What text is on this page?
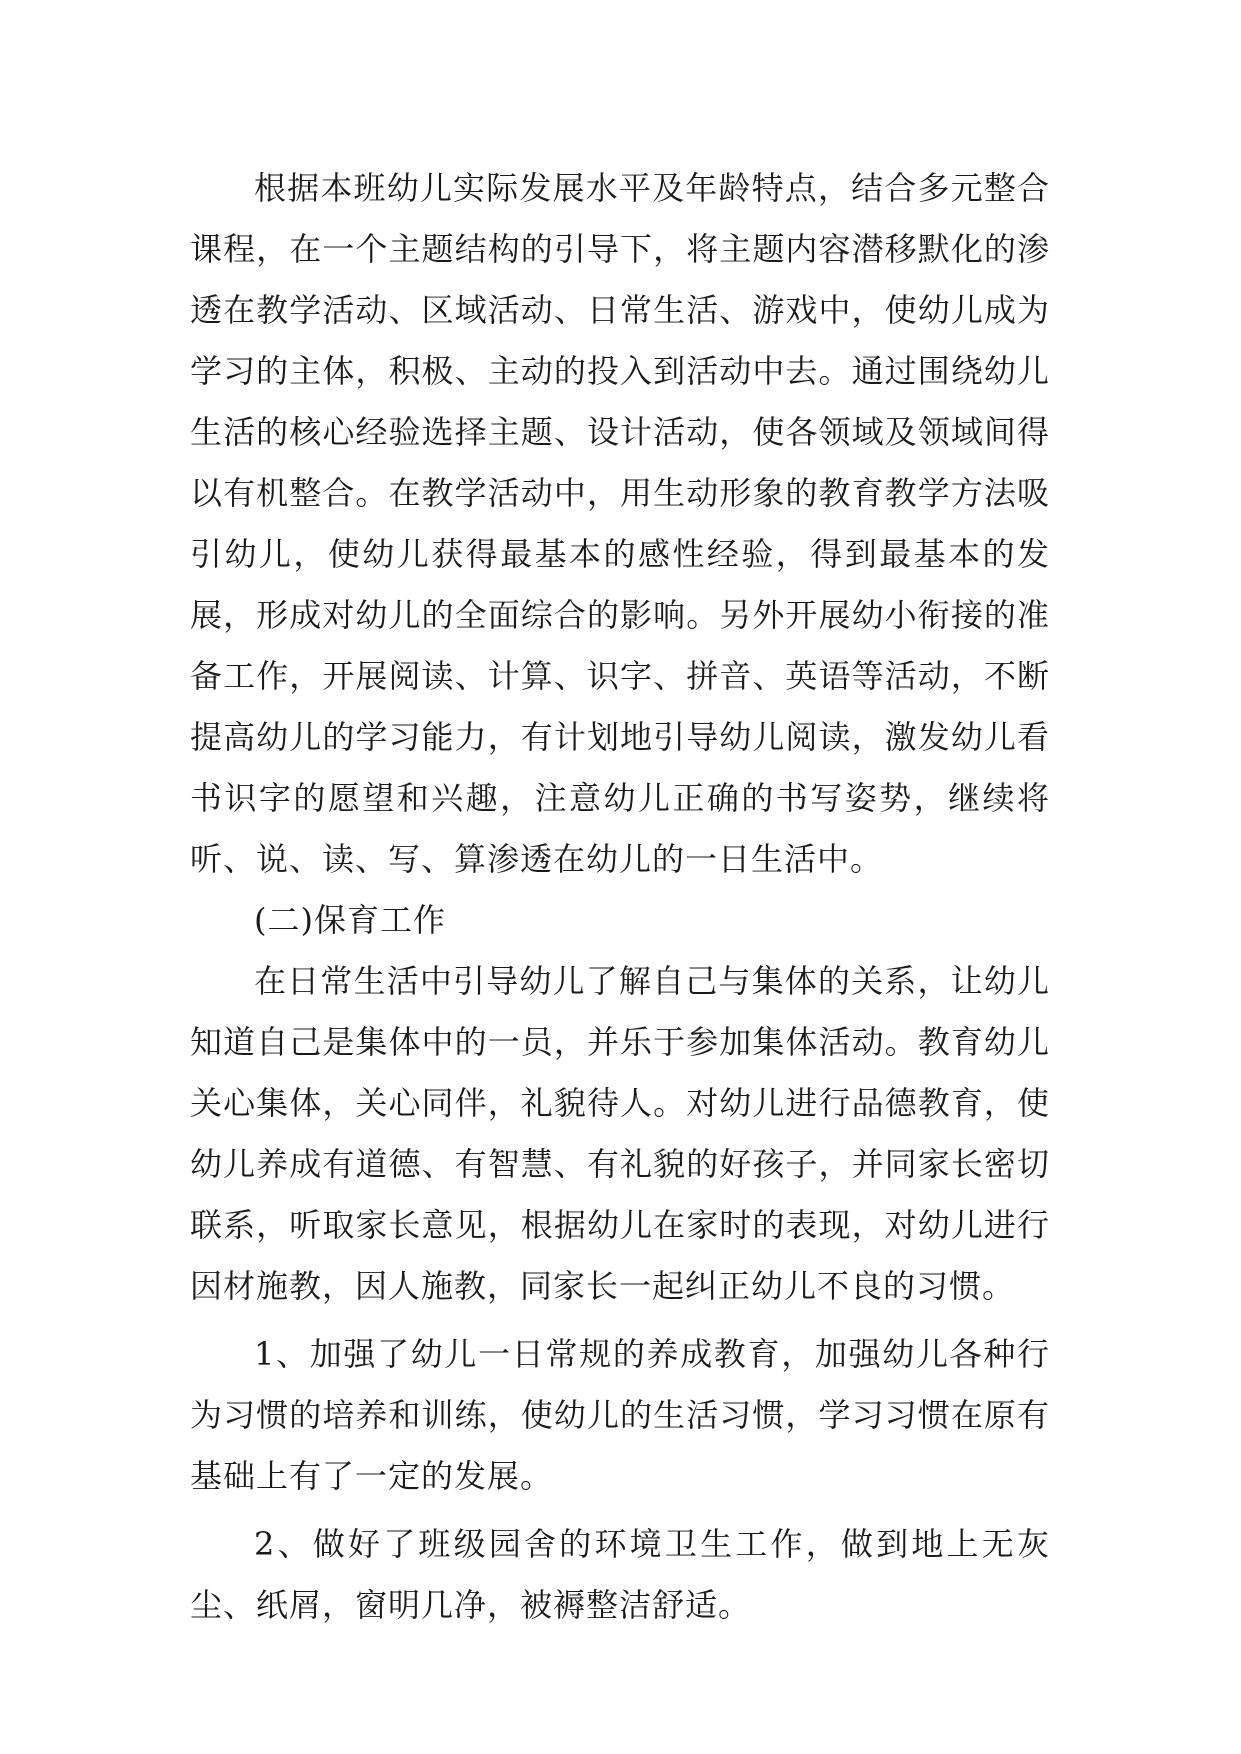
根据本班幼儿实际发展水平及年龄特点，结合多元整合课程，在一个主题结构的引导下，将主题内容潜移默化的渗透在教学活动、区域活动、日常生活、游戏中，使幼儿成为学习的主体，积极、主动的投入到活动中去。通过围绕幼儿生活的核心经验选择主题、设计活动，使各领域及领域间得以有机整合。在教学活动中，用生动形象的教育教学方法吸引幼儿，使幼儿获得最基本的感性经验，得到最基本的发展，形成对幼儿的全面综合的影响。另外开展幼小衔接的准备工作，开展阅读、计算、识字、拼音、英语等活动，不断提高幼儿的学习能力，有计划地引导幼儿阅读，激发幼儿看书识字的愿望和兴趣，注意幼儿正确的书写姿势，继续将听、说、读、写、算渗透在幼儿的一日生活中。

(二)保育工作

在日常生活中引导幼儿了解自己与集体的关系，让幼儿知道自己是集体中的一员，并乐于参加集体活动。教育幼儿关心集体，关心同伴，礼貌待人。对幼儿进行品德教育，使幼儿养成有道德、有智慧、有礼貌的好孩子，并同家长密切联系，听取家长意见，根据幼儿在家时的表现，对幼儿进行因材施教，因人施教，同家长一起纠正幼儿不良的习惯。

1、加强了幼儿一日常规的养成教育，加强幼儿各种行为习惯的培养和训练，使幼儿的生活习惯，学习习惯在原有基础上有了一定的发展。

2、做好了班级园舍的环境卫生工作，做到地上无灰尘、纸屑，窗明几净，被褥整洁舒适。
